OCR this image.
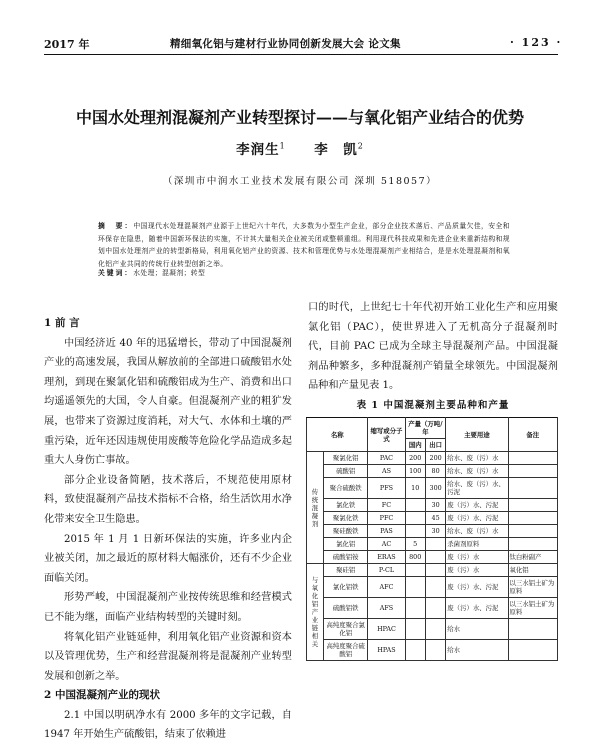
2017 年	精细氧化铝与建材行业协同创新发展大会 论文集	· 123 ·
中国水处理剂混凝剂产业转型探讨——与氧化铝产业结合的优势
李润生$^1$ 李　凯$^2$
（深圳市中润水工业技术发展有限公司 深圳 518057）
摘　要：中国现代水处理混凝剂产业源于上世纪六十年代，大多数为小型生产企业，部分企业技术落后、产品质量欠佳，安全和环保存在隐患，随着中国新环保法的实施，不计其大量相关企业被关闭或整顿重组。利用现代科技成果和先进企业来重新结构和规划中国水处理剂产业的转型新格局，利用氧化铝产业的资源、技术和管理优势与水处理混凝剂产业相结合，是是水处理混凝剂和氧化铝产业共同的传统行业转型创新之举。
关键词：水处理；混凝剂；转型
1 前 言

中国经济近 40 年的迅猛增长，带动了中国混凝剂产业的高速发展，我国从解放前的全部进口硫酸铝水处理剂，到现在聚氯化铝和硫酸铝成为生产、消费和出口均遥遥领先的大国，令人自豪。但混凝剂产业的粗犷发展，也带来了资源过度消耗，对大气、水体和土壤的严重污染，近年还因违规使用废酸等危险化学品造成多起重大人身伤亡事故。

部分企业设备简陋，技术落后，不规范使用原材料，致使混凝剂产品技术指标不合格，给生活饮用水净化带来安全卫生隐患。

2015 年 1 月 1 日新环保法的实施，许多业内企业被关闭，加之最近的原材料大幅涨价，还有不少企业面临关闭。

形势严峻，中国混凝剂产业按传统思维和经营模式已不能为继，面临产业结构转型的关键时刻。

将氧化铝产业链延伸，利用氧化铝产业资源和资本以及管理优势，生产和经营混凝剂将是混凝剂产业转型发展和创新之举。

2 中国混凝剂产业的现状

2.1 中国以明矾净水有 2000 多年的文字记载，自 1947 年开始生产硫酸铝，结束了依赖进

口的时代，上世纪七十年代初开始工业化生产和应用聚氯化铝（PAC），使世界进入了无机高分子混凝剂时代，目前 PAC 已成为全球主导混凝剂产品。中国混凝剂品种繁多，多种混凝剂产销量全球领先。中国混凝剂品种和产量见表 1。

表 1 中国混凝剂主要品种和产量
名称		缩写或分子式	产量（万吨/年		主要用途	备注
			国内	出口		

传统混凝剂	聚氯化铝	PAC	200	200	给水、废（污）水	
	硫酸铝	AS	100	80	给水、废（污）水	
	聚合硫酸铁	PFS	10	300	给水、废（污）水、污泥	
	氯化铁	FC		30	废（污）水、污泥	
	聚氯化铁	PFC		45	废（污）水、污泥	
	聚硅酸铁	PAS		30	给水、废（污）水	
	氯化铝	AC	5		杀菌剂原料	
	硫酸铝铵	ERAS	800		废（污）水	钛白粉副产

与氧化铝产业链相关	聚硅铝	P-CL			废（污）水	氧化铝
	氯化铝铁	AFC			废（污）水、污泥	以三水铝土矿为原料
	硫酸铝铁	AFS			废（污）水、污泥	以三水铝土矿为原料
	高纯度聚合氯化铝	HPAC			给水	
	高纯度聚合硫酸铝	HPAS			给水	
